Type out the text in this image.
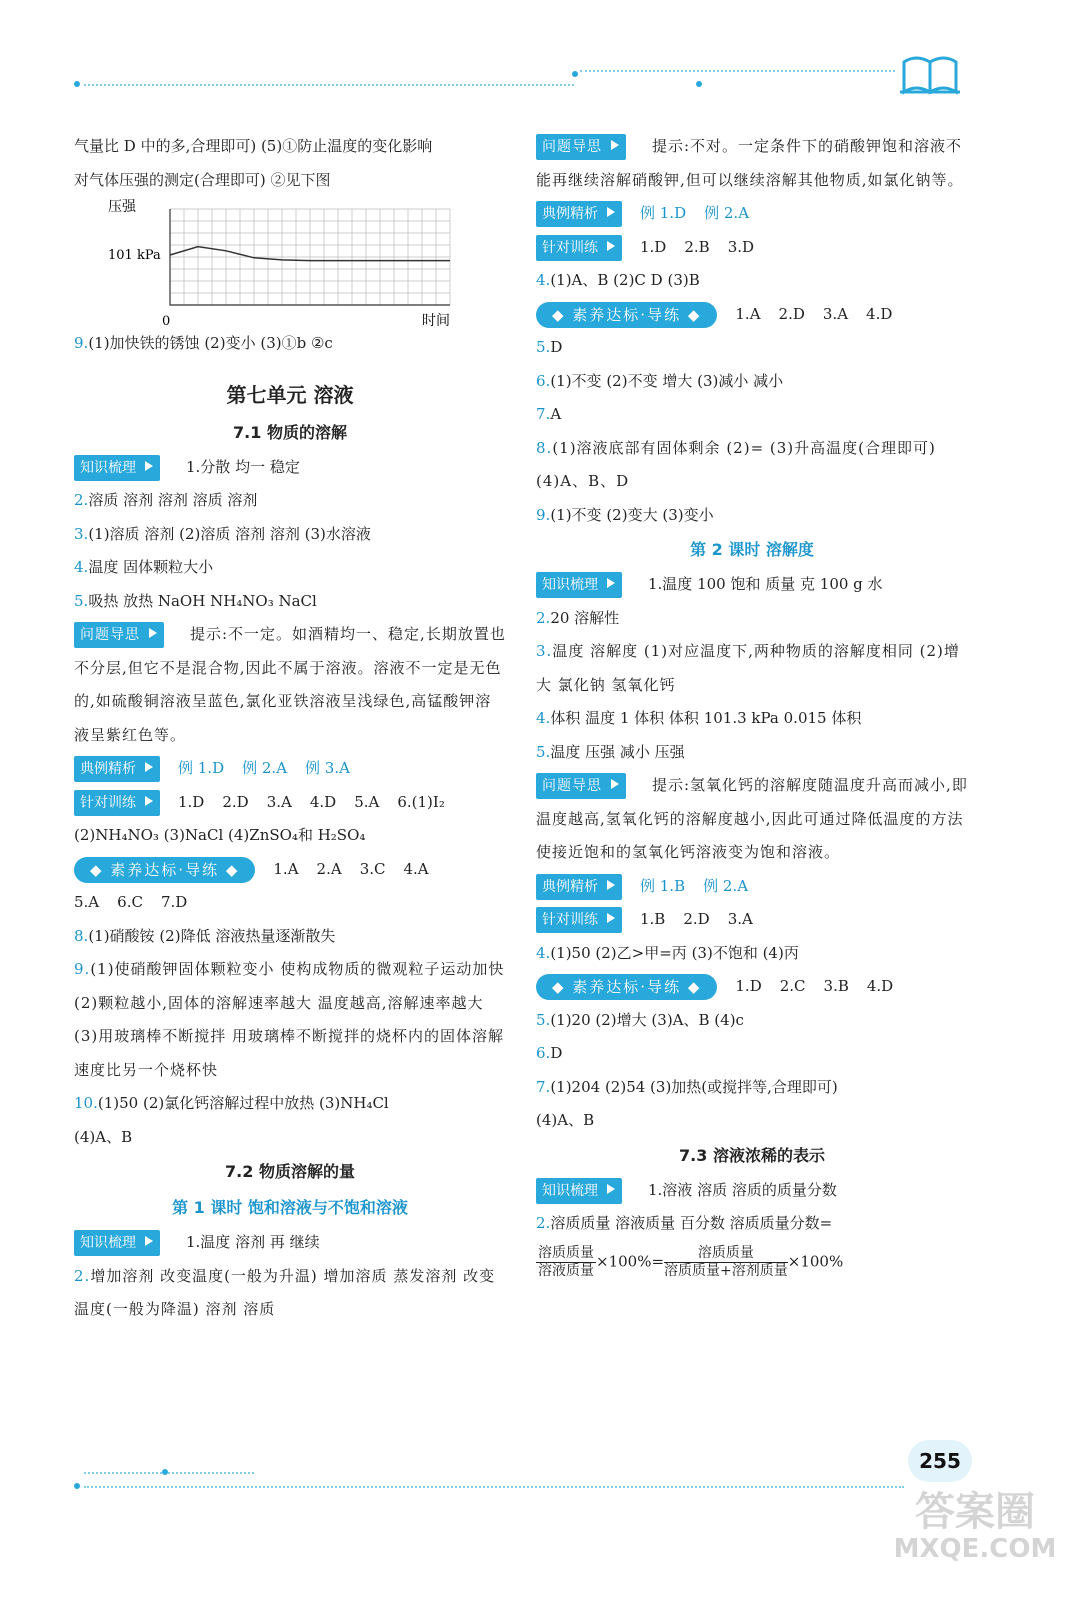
255
答案圈
MXQE.COM
气量比 D 中的多,合理即可) (5)①防止温度的变化影响
对气体压强的测定(合理即可) ②见下图
压强
101 kPa
0	时间
9.(1)加快铁的锈蚀 (2)变小 (3)①b ②c
第七单元 溶液
7.1 物质的溶解
知识梳理	1.分散 均一 稳定
2.溶质 溶剂 溶剂 溶质 溶剂
3.(1)溶质 溶剂 (2)溶质 溶剂 溶剂 (3)水溶液
4.温度 固体颗粒大小
5.吸热 放热 NaOH NH₄NO₃ NaCl
问题导思	提示:不一定。如酒精均一、稳定,长期放置也不分层,但它不是混合物,因此不属于溶液。溶液不一定是无色的,如硫酸铜溶液呈蓝色,氯化亚铁溶液呈浅绿色,高锰酸钾溶液呈紫红色等。
典例精析	例 1.D 例 2.A 例 3.A
针对训练	1.D 2.D 3.A 4.D 5.A 6.(1)I₂
(2)NH₄NO₃ (3)NaCl (4)ZnSO₄和 H₂SO₄
◆ 素养达标·导练 ◆ 1.A 2.A 3.C 4.A
5.A 6.C 7.D
8.(1)硝酸铵 (2)降低 溶液热量逐渐散失
9.(1)使硝酸钾固体颗粒变小 使构成物质的微观粒子运动加快 (2)颗粒越小,固体的溶解速率越大 温度越高,溶解速率越大 (3)用玻璃棒不断搅拌 用玻璃棒不断搅拌的烧杯内的固体溶解速度比另一个烧杯快
10.(1)50 (2)氯化钙溶解过程中放热 (3)NH₄Cl
(4)A、B
7.2 物质溶解的量
第 1 课时 饱和溶液与不饱和溶液
知识梳理	1.温度 溶剂 再 继续
2.增加溶剂 改变温度(一般为升温) 增加溶质 蒸发溶剂 改变温度(一般为降温) 溶剂 溶质
问题导思	提示:不对。一定条件下的硝酸钾饱和溶液不能再继续溶解硝酸钾,但可以继续溶解其他物质,如氯化钠等。
典例精析	例 1.D 例 2.A
针对训练	1.D 2.B 3.D
4.(1)A、B (2)C D (3)B
◆ 素养达标·导练 ◆ 1.A 2.D 3.A 4.D
5.D
6.(1)不变 (2)不变 增大 (3)减小 减小
7.A
8.(1)溶液底部有固体剩余 (2)= (3)升高温度(合理即可) (4)A、B、D
9.(1)不变 (2)变大 (3)变小
第 2 课时 溶解度
知识梳理	1.温度 100 饱和 质量 克 100 g 水
2.20 溶解性
3.温度 溶解度 (1)对应温度下,两种物质的溶解度相同 (2)增大 氯化钠 氢氧化钙
4.体积 温度 1 体积 体积 101.3 kPa 0.015 体积
5.温度 压强 减小 压强
问题导思	提示:氢氧化钙的溶解度随温度升高而减小,即温度越高,氢氧化钙的溶解度越小,因此可通过降低温度的方法使接近饱和的氢氧化钙溶液变为饱和溶液。
典例精析	例 1.B 例 2.A
针对训练	1.B 2.D 3.A
4.(1)50 (2)乙>甲=丙 (3)不饱和 (4)丙
◆ 素养达标·导练 ◆ 1.D 2.C 3.B 4.D
5.(1)20 (2)增大 (3)A、B (4)c
6.D
7.(1)204 (2)54 (3)加热(或搅拌等,合理即可)
(4)A、B
7.3 溶液浓稀的表示
知识梳理	1.溶液 溶质 溶质的质量分数
2.溶质质量 溶液质量 百分数 溶质质量分数=
$\frac{\text{溶质质量}}{\text{溶液质量}} \times 100\%= \frac{\text{溶质质量}}{\text{溶质质量+溶剂质量}} \times 100\%$
